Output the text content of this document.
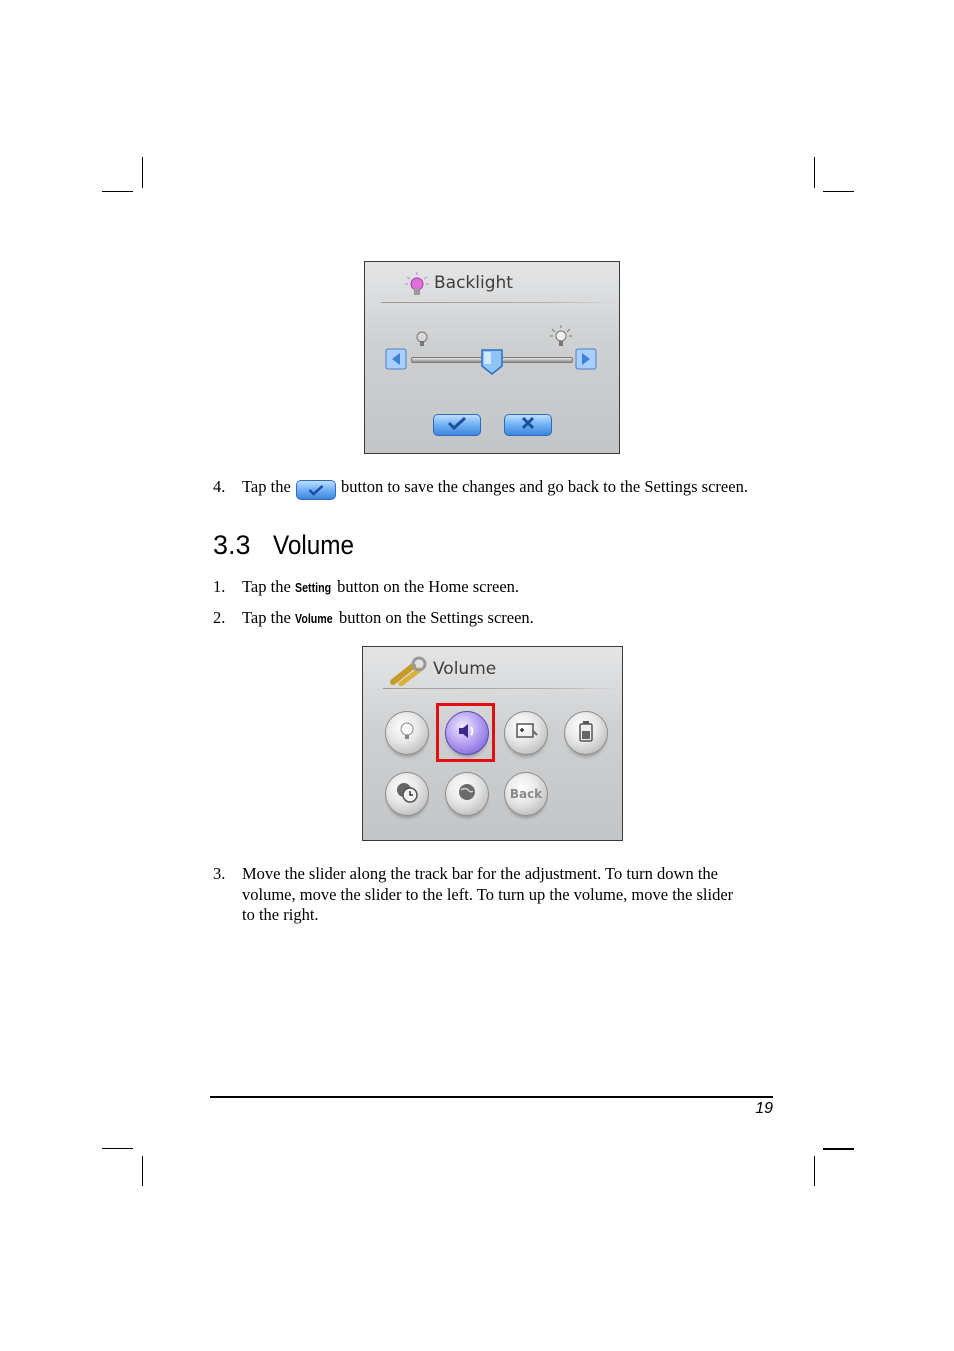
Backlight
4. Tap the	button to save the changes and go back to the Settings screen.
3.3 Volume
1. Tap the Setting button on the Home screen.
2. Tap the Volume button on the Settings screen.
Volume
Back
3. Move the slider along the track bar for the adjustment. To turn down the
volume, move the slider to the left. To turn up the volume, move the slider
to the right.
19
